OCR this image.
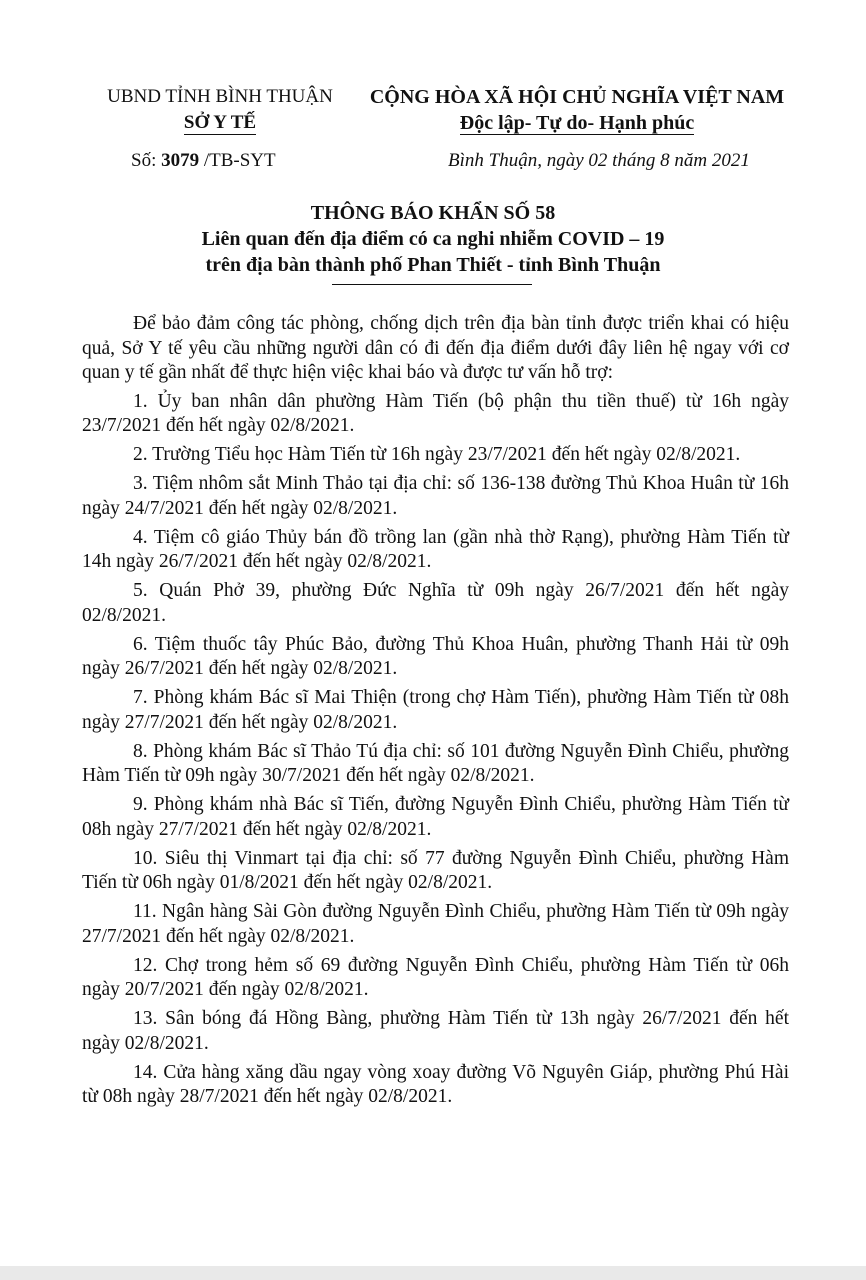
UBND TỈNH BÌNH THUẬN
SỞ Y TẾ
CỘNG HÒA XÃ HỘI CHỦ NGHĨA VIỆT NAM
Độc lập- Tự do- Hạnh phúc
Số: 3079 /TB-SYT	Bình Thuận, ngày 02 tháng 8 năm 2021
THÔNG BÁO KHẨN SỐ 58
Liên quan đến địa điểm có ca nghi nhiễm COVID – 19
trên địa bàn thành phố Phan Thiết - tỉnh Bình Thuận

Để bảo đảm công tác phòng, chống dịch trên địa bàn tỉnh được triển khai có hiệu quả, Sở Y tế yêu cầu những người dân có đi đến địa điểm dưới đây liên hệ ngay với cơ quan y tế gần nhất để thực hiện việc khai báo và được tư vấn hỗ trợ:

1. Ủy ban nhân dân phường Hàm Tiến (bộ phận thu tiền thuế) từ 16h ngày 23/7/2021 đến hết ngày 02/8/2021.

2. Trường Tiểu học Hàm Tiến từ 16h ngày 23/7/2021 đến hết ngày 02/8/2021.

3. Tiệm nhôm sắt Minh Thảo tại địa chỉ: số 136-138 đường Thủ Khoa Huân từ 16h ngày 24/7/2021 đến hết ngày 02/8/2021.

4. Tiệm cô giáo Thủy bán đồ trồng lan (gần nhà thờ Rạng), phường Hàm Tiến từ 14h ngày 26/7/2021 đến hết ngày 02/8/2021.

5. Quán Phở 39, phường Đức Nghĩa từ 09h ngày 26/7/2021 đến hết ngày 02/8/2021.

6. Tiệm thuốc tây Phúc Bảo, đường Thủ Khoa Huân, phường Thanh Hải từ 09h ngày 26/7/2021 đến hết ngày 02/8/2021.

7. Phòng khám Bác sĩ Mai Thiện (trong chợ Hàm Tiến), phường Hàm Tiến từ 08h ngày 27/7/2021 đến hết ngày 02/8/2021.

8. Phòng khám Bác sĩ Thảo Tú địa chỉ: số 101 đường Nguyễn Đình Chiểu, phường Hàm Tiến từ 09h ngày 30/7/2021 đến hết ngày 02/8/2021.

9. Phòng khám nhà Bác sĩ Tiến, đường Nguyễn Đình Chiểu, phường Hàm Tiến từ 08h ngày 27/7/2021 đến hết ngày 02/8/2021.

10. Siêu thị Vinmart tại địa chỉ: số 77 đường Nguyễn Đình Chiểu, phường Hàm Tiến từ 06h ngày 01/8/2021 đến hết ngày 02/8/2021.

11. Ngân hàng Sài Gòn đường Nguyễn Đình Chiểu, phường Hàm Tiến từ 09h ngày 27/7/2021 đến hết ngày 02/8/2021.

12. Chợ trong hẻm số 69 đường Nguyễn Đình Chiểu, phường Hàm Tiến từ 06h ngày 20/7/2021 đến ngày 02/8/2021.

13. Sân bóng đá Hồng Bàng, phường Hàm Tiến từ 13h ngày 26/7/2021 đến hết ngày 02/8/2021.

14. Cửa hàng xăng dầu ngay vòng xoay đường Võ Nguyên Giáp, phường Phú Hài từ 08h ngày 28/7/2021 đến hết ngày 02/8/2021.
